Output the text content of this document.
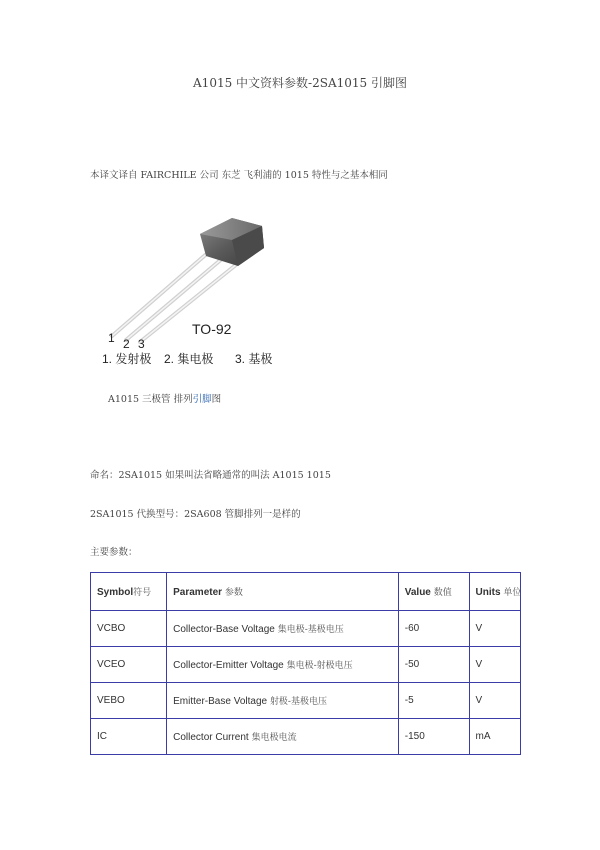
A1015 中文资料参数-2SA1015 引脚图
本译文译自 FAIRCHILE 公司 东芝 飞利浦的 1015 特性与之基本相同
1 2 3
TO-92
1. 发射极 2. 集电极 3. 基极
A1015 三极管 排列引脚图
命名：2SA1015 如果叫法省略通常的叫法 A1015 1015
2SA1015 代换型号：2SA608 管脚排列一是样的
主要参数：
Symbol符号	Parameter 参数	Value 数值	Units 单位
VCBO	Collector-Base Voltage 集电极-基极电压	-60	V
VCEO	Collector-Emitter Voltage 集电极-射极电压	-50	V
VEBO	Emitter-Base Voltage 射极-基极电压	-5	V
IC	Collector Current 集电极电流	-150	mA
